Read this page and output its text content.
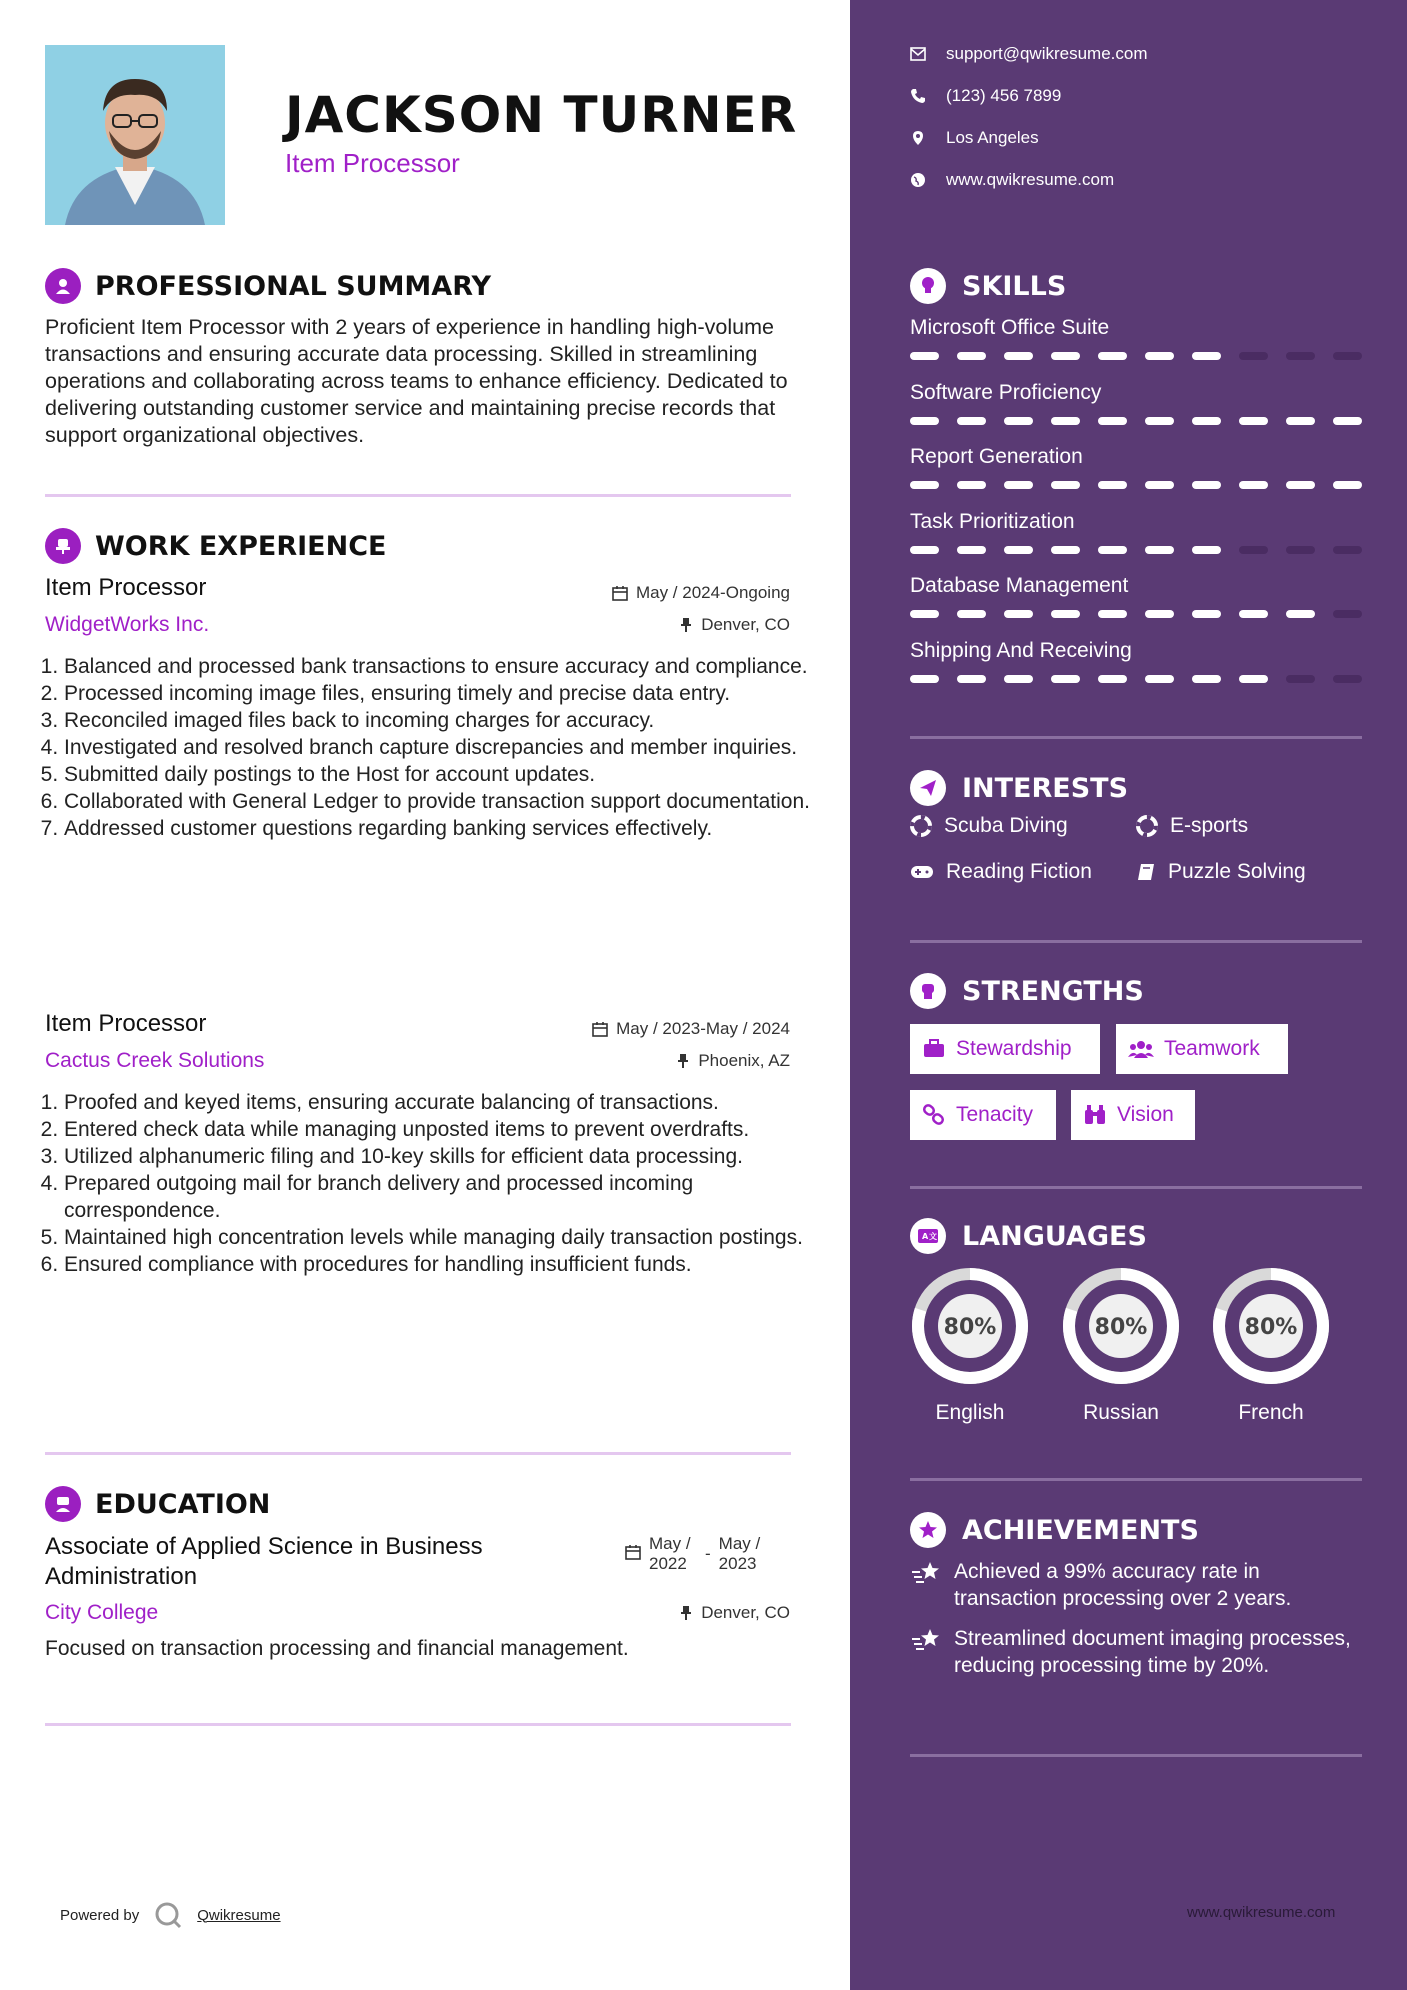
JACKSON TURNER
Item Processor
PROFESSIONAL SUMMARY
Proficient Item Processor with 2 years of experience in handling high-volume transactions and ensuring accurate data processing. Skilled in streamlining operations and collaborating across teams to enhance efficiency. Dedicated to delivering outstanding customer service and maintaining precise records that support organizational objectives.
WORK EXPERIENCE
Item Processor
WidgetWorks Inc.
May / 2024-Ongoing
Denver, CO
1. Balanced and processed bank transactions to ensure accuracy and compliance.
2. Processed incoming image files, ensuring timely and precise data entry.
3. Reconciled imaged files back to incoming charges for accuracy.
4. Investigated and resolved branch capture discrepancies and member inquiries.
5. Submitted daily postings to the Host for account updates.
6. Collaborated with General Ledger to provide transaction support documentation.
7. Addressed customer questions regarding banking services effectively.
Item Processor
Cactus Creek Solutions
May / 2023-May / 2024
Phoenix, AZ
1. Proofed and keyed items, ensuring accurate balancing of transactions.
2. Entered check data while managing unposted items to prevent overdrafts.
3. Utilized alphanumeric filing and 10-key skills for efficient data processing.
4. Prepared outgoing mail for branch delivery and processed incoming correspondence.
5. Maintained high concentration levels while managing daily transaction postings.
6. Ensured compliance with procedures for handling insufficient funds.
EDUCATION
Associate of Applied Science in Business Administration
May / 2022
-
May / 2023
City College	Denver, CO
Focused on transaction processing and financial management.
Powered by	Qwikresume
support@qwikresume.com
(123) 456 7899
Los Angeles
www.qwikresume.com
SKILLS
Microsoft Office Suite
Software Proficiency
Report Generation
Task Prioritization
Database Management
Shipping And Receiving
INTERESTS
Scuba Diving	E-sports
Reading Fiction	Puzzle Solving
STRENGTHS
Stewardship	Teamwork
Tenacity	Vision
A 文 LANGUAGES
80%
English
80%
Russian
80%
French
ACHIEVEMENTS
Achieved a 99% accuracy rate in transaction processing over 2 years.
Streamlined document imaging processes, reducing processing time by 20%.
www.qwikresume.com
